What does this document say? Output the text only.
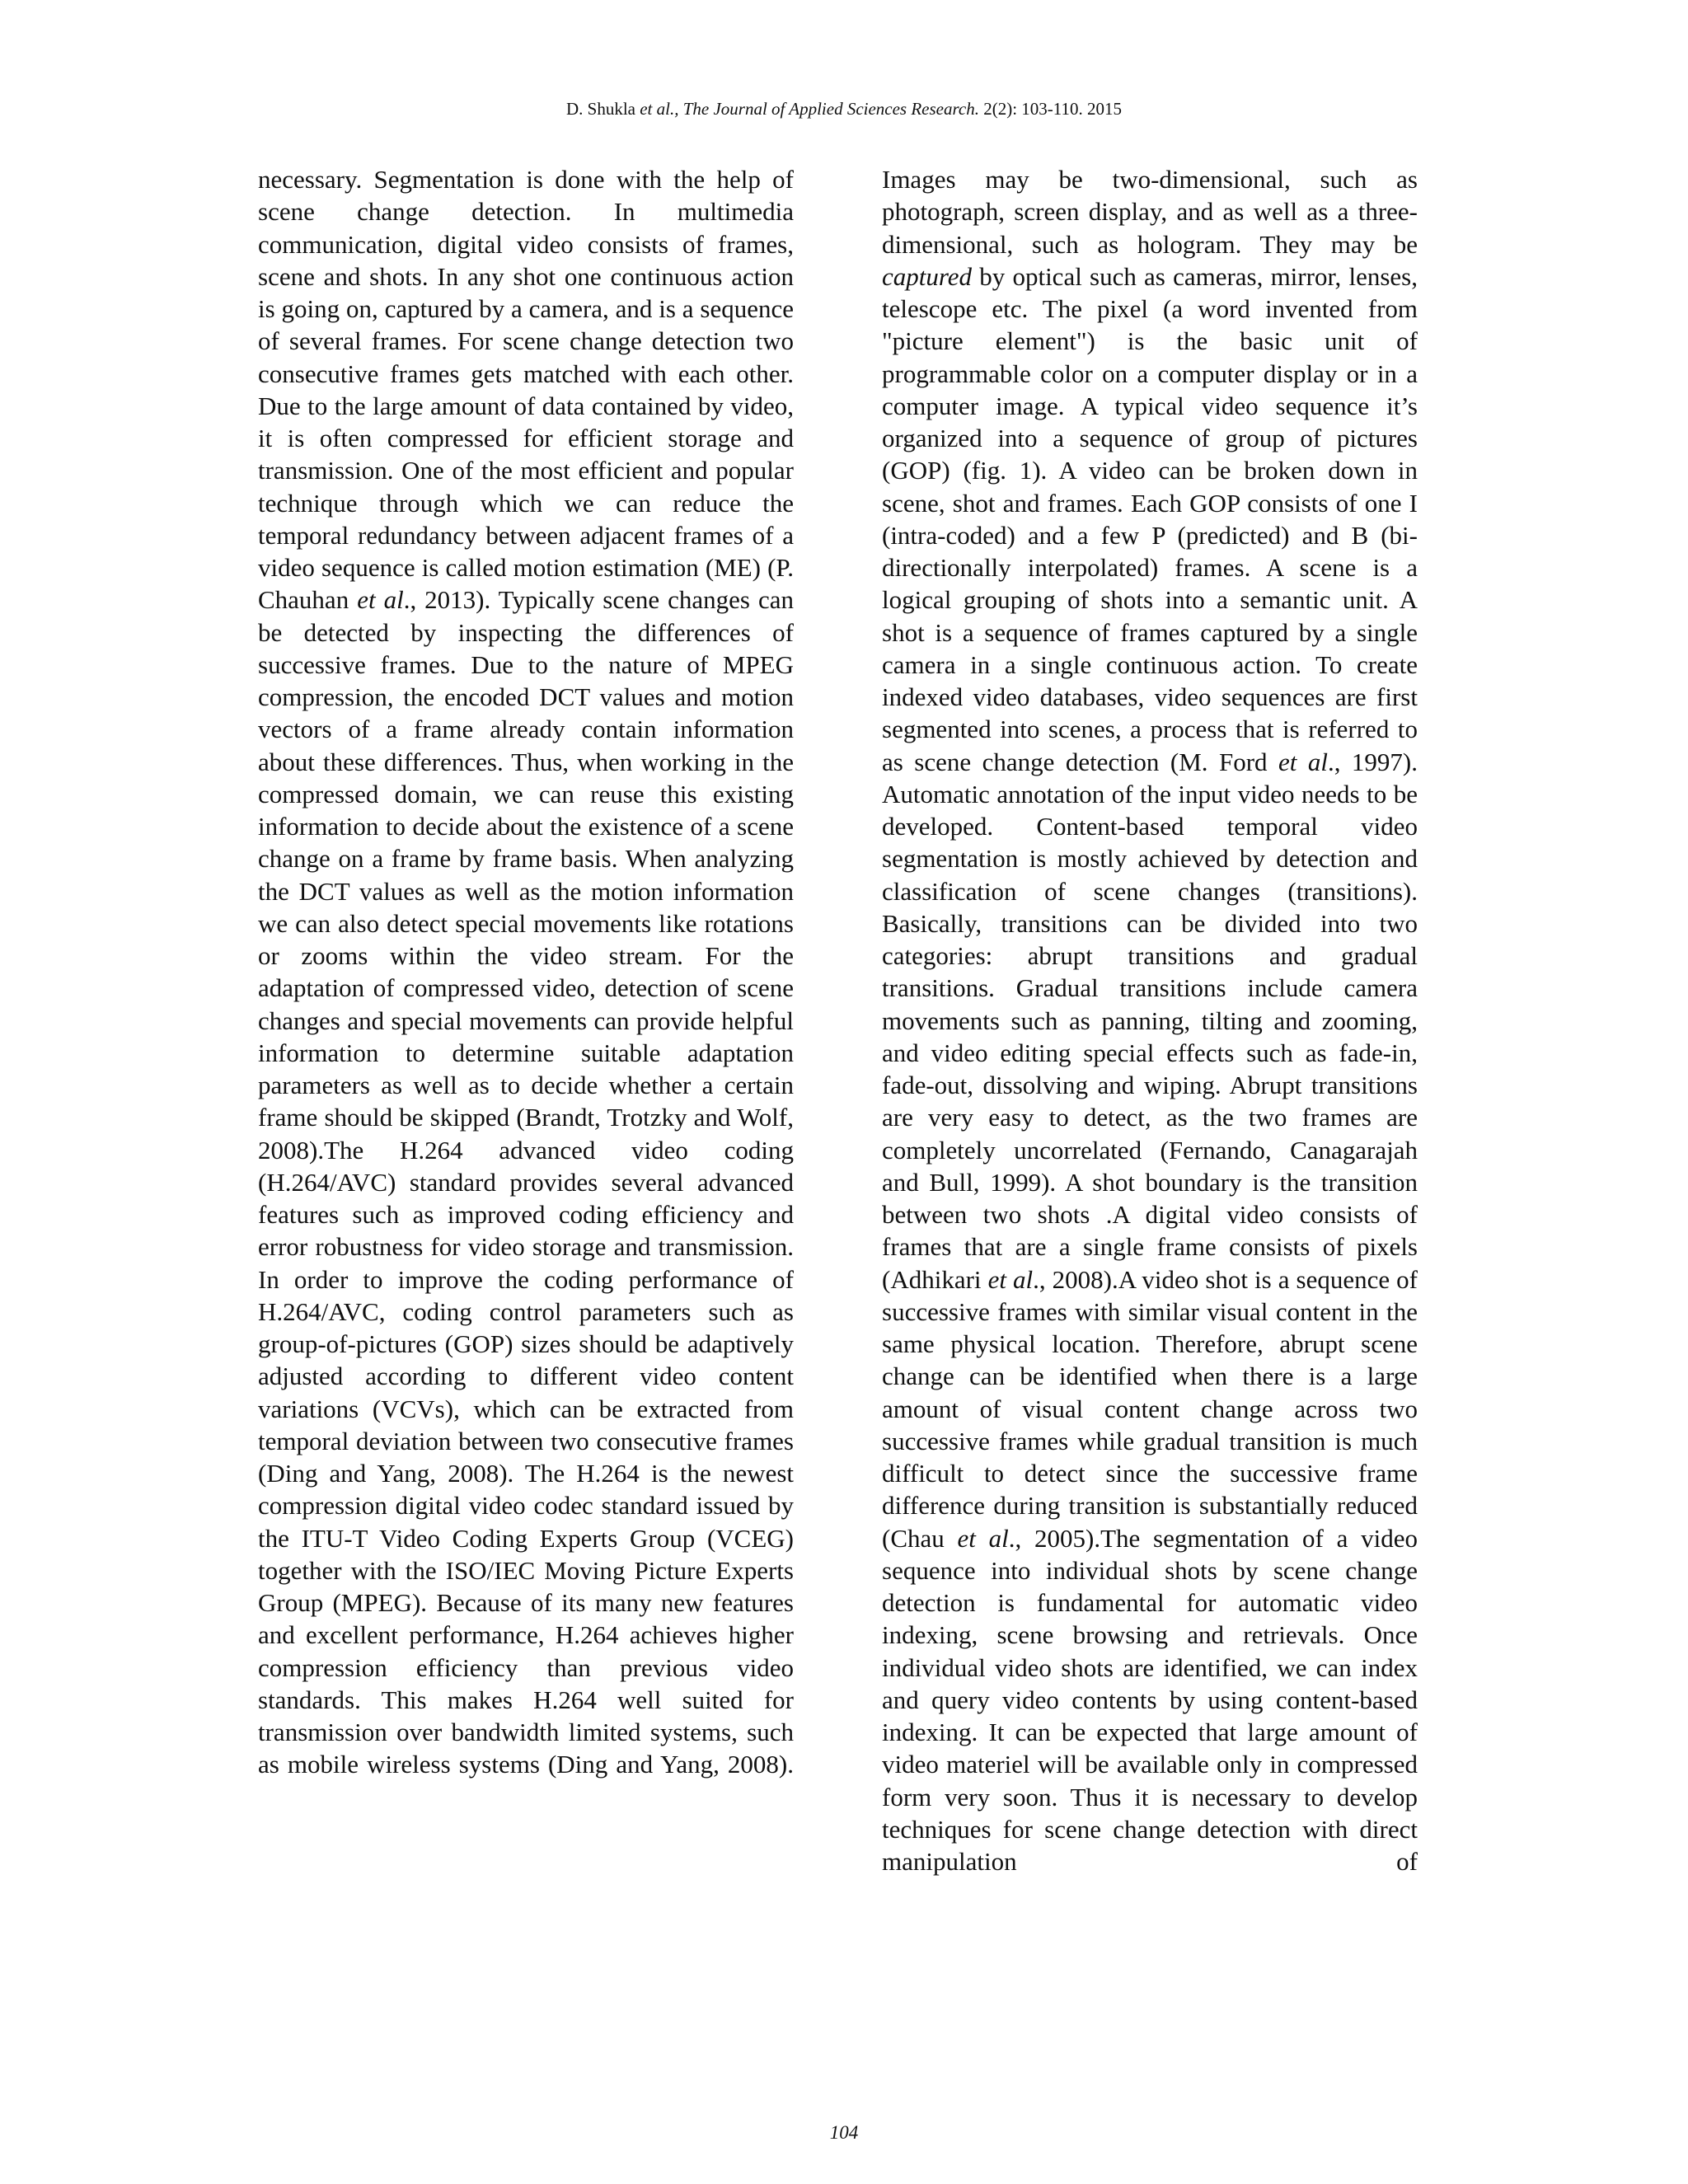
D. Shukla et al., The Journal of Applied Sciences Research. 2(2): 103-110. 2015

necessary. Segmentation is done with the help of scene change detection. In multimedia communication, digital video consists of frames, scene and shots. In any shot one continuous action is going on, captured by a camera, and is a sequence of several frames. For scene change detection two consecutive frames gets matched with each other. Due to the large amount of data contained by video, it is often compressed for efficient storage and transmission. One of the most efficient and popular technique through which we can reduce the temporal redundancy between adjacent frames of a video sequence is called motion estimation (ME) (P. Chauhan et al., 2013). Typically scene changes can be detected by inspecting the differences of successive frames. Due to the nature of MPEG compression, the encoded DCT values and motion vectors of a frame already contain information about these differences. Thus, when working in the compressed domain, we can reuse this existing information to decide about the existence of a scene change on a frame by frame basis. When analyzing the DCT values as well as the motion information we can also detect special movements like rotations or zooms within the video stream. For the adaptation of compressed video, detection of scene changes and special movements can provide helpful information to determine suitable adaptation parameters as well as to decide whether a certain frame should be skipped (Brandt, Trotzky and Wolf, 2008).The H.264 advanced video coding (H.264/AVC) standard provides several advanced features such as improved coding efficiency and error robustness for video storage and transmission. In order to improve the coding performance of H.264/AVC, coding control parameters such as group-of-pictures (GOP) sizes should be adaptively adjusted according to different video content variations (VCVs), which can be extracted from temporal deviation between two consecutive frames (Ding and Yang, 2008). The H.264 is the newest compression digital video codec standard issued by the ITU-T Video Coding Experts Group (VCEG) together with the ISO/IEC Moving Picture Experts Group (MPEG). Because of its many new features and excellent performance, H.264 achieves higher compression efficiency than previous video standards. This makes H.264 well suited for transmission over bandwidth limited systems, such as mobile wireless systems (Ding and Yang, 2008).

Images may be two-dimensional, such as photograph, screen display, and as well as a three-dimensional, such as hologram. They may be captured by optical such as cameras, mirror, lenses, telescope etc. The pixel (a word invented from "picture element") is the basic unit of programmable color on a computer display or in a computer image. A typical video sequence it’s organized into a sequence of group of pictures (GOP) (fig. 1). A video can be broken down in scene, shot and frames. Each GOP consists of one I (intra-coded) and a few P (predicted) and B (bi-directionally interpolated) frames. A scene is a logical grouping of shots into a semantic unit. A shot is a sequence of frames captured by a single camera in a single continuous action. To create indexed video databases, video sequences are first segmented into scenes, a process that is referred to as scene change detection (M. Ford et al., 1997). Automatic annotation of the input video needs to be developed. Content-based temporal video segmentation is mostly achieved by detection and classification of scene changes (transitions). Basically, transitions can be divided into two categories: abrupt transitions and gradual transitions. Gradual transitions include camera movements such as panning, tilting and zooming, and video editing special effects such as fade-in, fade-out, dissolving and wiping. Abrupt transitions are very easy to detect, as the two frames are completely uncorrelated (Fernando, Canagarajah and Bull, 1999). A shot boundary is the transition between two shots .A digital video consists of frames that are a single frame consists of pixels (Adhikari et al., 2008).A video shot is a sequence of successive frames with similar visual content in the same physical location. Therefore, abrupt scene change can be identified when there is a large amount of visual content change across two successive frames while gradual transition is much difficult to detect since the successive frame difference during transition is substantially reduced (Chau et al., 2005).The segmentation of a video sequence into individual shots by scene change detection is fundamental for automatic video indexing, scene browsing and retrievals. Once individual video shots are identified, we can index and query video contents by using content-based indexing. It can be expected that large amount of video materiel will be available only in compressed form very soon. Thus it is necessary to develop techniques for scene change detection with direct manipulation of

104
